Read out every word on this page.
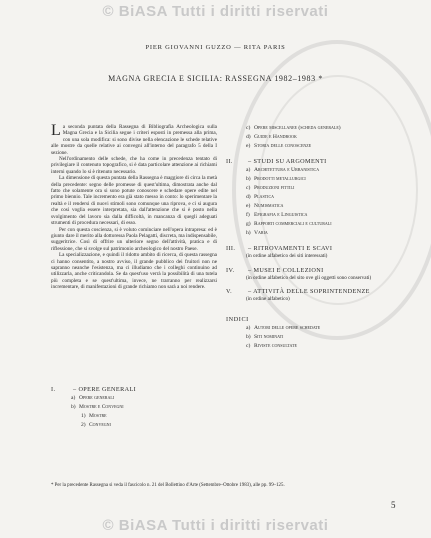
© BiASA Tutti i diritti riservati
PIER GIOVANNI GUZZO — RITA PARIS
MAGNA GRECIA E SICILIA: RASSEGNA 1982–1983 *

La seconda puntata della Rassegna di Bibliografia Archeologica sulla Magna Grecia e la Sicilia segue i criteri esposti in premessa alla prima, con una sola modifica: si sono divise nella elencazione le schede relative alle mostre da quelle relative ai convegni all'interno del paragrafo 5 della I sezione.

Nell'ordinamento delle schede, che ha come in precedenza tentato di privilegiare il contenuto topografico, si è data particolare attenzione ai richiami interni quando lo si è ritenuto necessario.

La dimensione di questa puntata della Rassegna è maggiore di circa la metà della precedente: segno delle promesse di quest'ultima, dimostrata anche dal fatto che solamente ora si sono potute conoscere e schedare opere edite nel primo biennio. Tale incremento era già stato messo in conto: lo sperimentare la realtà e il rendersi di nuovi stimoli sono comunque una riprova, e ci si augura che così voglia essere interpretata, sia dall'attenzione che si è posto nella svolgimento del lavoro sia dalla difficoltà, in mancanza di quegli adeguati strumenti di procedura necessari, di esso.

Per con questa coscienza, si è voluto cominciare nell'opera intrapresa: ed è giunto dare il merito alla dottoressa Paola Pelagatti, discreta, ma indispensabile, suggeritrice. Così di offrire un ulteriore segno dell'attività, pratica e di riflessione, che si svolge sul patrimonio archeologico del nostro Paese.

La specializzazione, e quindi il ridotto ambito di ricerca, di questa rassegna ci hanno consentito, a nostro avviso, il grande pubblico dei fruitori non ne sapranno neanche l'esistenza, ma ci illudiamo che i colleghi continuino ad utilizzarla, anche criticandola. Se da quest'uso verrà la possibilità di una tutela più completa e se quest'ultima, invece, ne trarranno per realizzarsi incrementare, di manifestazioni di grande richiamo non sarà a noi rendere.

I.	– OPERE GENERALI
a) Opere generali
b) Mostre e Convegni
1) Mostre
2) Convegni
c) Opere miscellanee (scheda generale)
d) Guide e Handbook
e) Storia delle conoscenze
II. – STUDI SU ARGOMENTI
a) Architettura e Urbanistica
b) Prodotti metallurgici
c) Produzioni fittili
d) Plastica
e) Numismatica
f) Epigrafia e Linguistica
g) Rapporti commerciali e culturali
h) Varia
III. – RITROVAMENTI E SCAVI
(in ordine alfabetico dei siti interessati)
IV. – MUSEI E COLLEZIONI
(in ordine alfabetico del sito ove gli oggetti sono conservati)
V.	– ATTIVITÀ DELLE SOPRINTENDENZE
(in ordine alfabetico)
INDICI
a) Autori delle opere schedate
b) Siti nominati
c) Riviste consultate
* Per la precedente Rassegna si veda il fascicolo n. 21 del Bollettino d'Arte (Settembre–Ottobre 1983), alle pp. 99–125.
5
© BiASA Tutti i diritti riservati
